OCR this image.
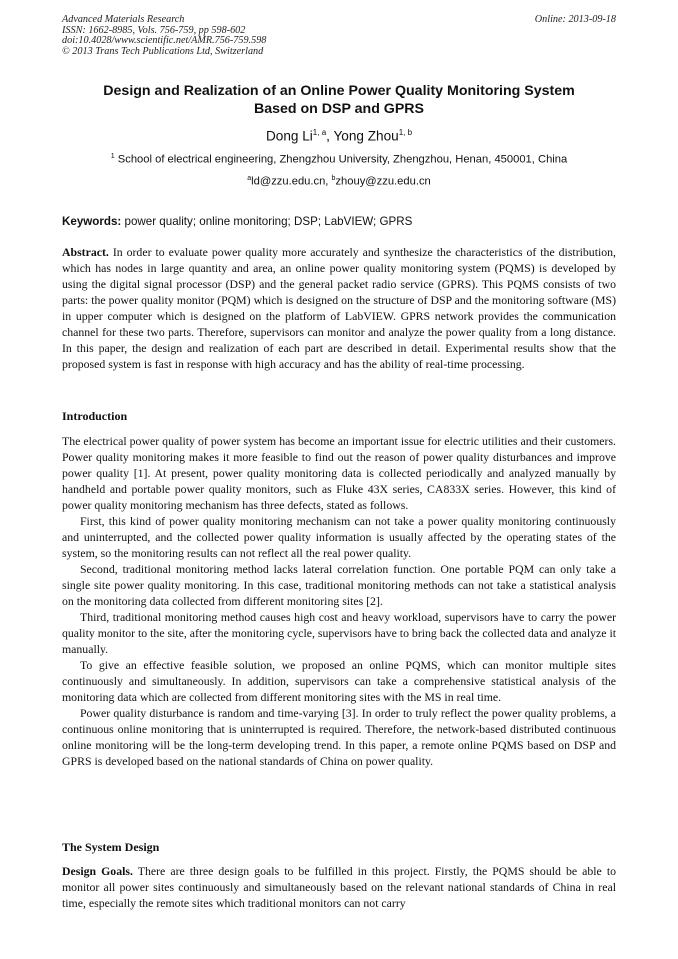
Advanced Materials Research
ISSN: 1662-8985, Vols. 756-759, pp 598-602
doi:10.4028/www.scientific.net/AMR.756-759.598
© 2013 Trans Tech Publications Ltd, Switzerland
Online: 2013-09-18
Design and Realization of an Online Power Quality Monitoring System
Based on DSP and GPRS
Dong Li$^{1, a}$, Yong Zhou$^{1, b}$
$^1$ School of electrical engineering, Zhengzhou University, Zhengzhou, Henan, 450001, China
$^a$ld@zzu.edu.cn, $^b$zhouy@zzu.edu.cn
Keywords: power quality; online monitoring; DSP; LabVIEW; GPRS

Abstract. In order to evaluate power quality more accurately and synthesize the characteristics of the distribution, which has nodes in large quantity and area, an online power quality monitoring system (PQMS) is developed by using the digital signal processor (DSP) and the general packet radio service (GPRS). This PQMS consists of two parts: the power quality monitor (PQM) which is designed on the structure of DSP and the monitoring software (MS) in upper computer which is designed on the platform of LabVIEW. GPRS network provides the communication channel for these two parts. Therefore, supervisors can monitor and analyze the power quality from a long distance. In this paper, the design and realization of each part are described in detail. Experimental results show that the proposed system is fast in response with high accuracy and has the ability of real-time processing.

Introduction

The electrical power quality of power system has become an important issue for electric utilities and their customers. Power quality monitoring makes it more feasible to find out the reason of power quality disturbances and improve power quality [1]. At present, power quality monitoring data is collected periodically and analyzed manually by handheld and portable power quality monitors, such as Fluke 43X series, CA833X series. However, this kind of power quality monitoring mechanism has three defects, stated as follows.

First, this kind of power quality monitoring mechanism can not take a power quality monitoring continuously and uninterrupted, and the collected power quality information is usually affected by the operating states of the system, so the monitoring results can not reflect all the real power quality.

Second, traditional monitoring method lacks lateral correlation function. One portable PQM can only take a single site power quality monitoring. In this case, traditional monitoring methods can not take a statistical analysis on the monitoring data collected from different monitoring sites [2].

Third, traditional monitoring method causes high cost and heavy workload, supervisors have to carry the power quality monitor to the site, after the monitoring cycle, supervisors have to bring back the collected data and analyze it manually.

To give an effective feasible solution, we proposed an online PQMS, which can monitor multiple sites continuously and simultaneously. In addition, supervisors can take a comprehensive statistical analysis of the monitoring data which are collected from different monitoring sites with the MS in real time.

Power quality disturbance is random and time-varying [3]. In order to truly reflect the power quality problems, a continuous online monitoring that is uninterrupted is required. Therefore, the network-based distributed continuous online monitoring will be the long-term developing trend. In this paper, a remote online PQMS based on DSP and GPRS is developed based on the national standards of China on power quality.

The System Design

Design Goals. There are three design goals to be fulfilled in this project. Firstly, the PQMS should be able to monitor all power sites continuously and simultaneously based on the relevant national standards of China in real time, especially the remote sites which traditional monitors can not carry
